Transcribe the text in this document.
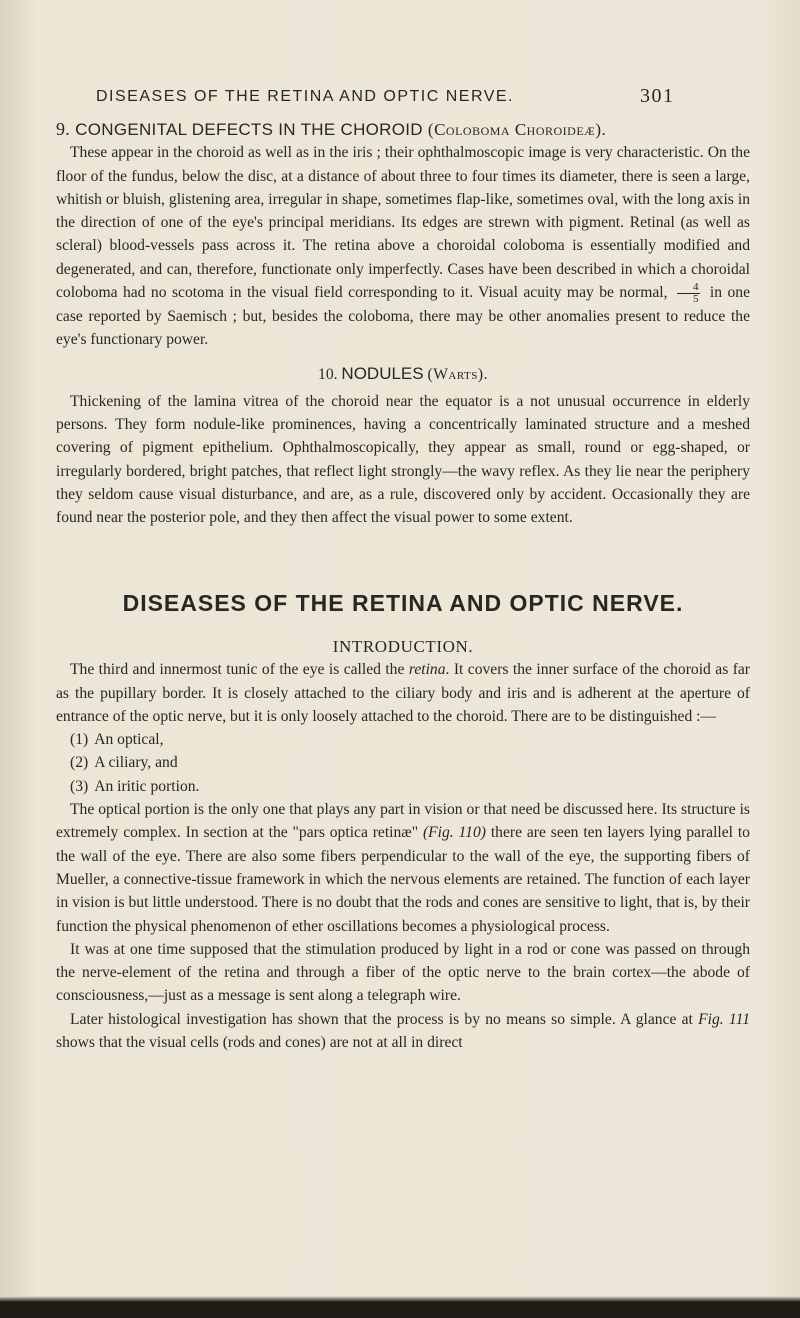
DISEASES OF THE RETINA AND OPTIC NERVE.	301
9. CONGENITAL DEFECTS IN THE CHOROID (Coloboma Choroideæ).

These appear in the choroid as well as in the iris ; their ophthalmoscopic image is very characteristic. On the floor of the fundus, below the disc, at a distance of about three to four times its diameter, there is seen a large, whitish or bluish, glistening area, irregular in shape, sometimes flap-like, sometimes oval, with the long axis in the direction of one of the eye's principal meridians. Its edges are strewn with pigment. Retinal (as well as scleral) blood-vessels pass across it. The retina above a choroidal coloboma is essentially modified and degenerated, and can, therefore, functionate only imperfectly. Cases have been described in which a choroidal coloboma had no scotoma in the visual field corresponding to it. Visual acuity may be normal, $\frac{4}{5}$ in one case reported by Saemisch ; but, besides the coloboma, there may be other anomalies present to reduce the eye's functionary power.

10. NODULES (Warts).

Thickening of the lamina vitrea of the choroid near the equator is a not unusual occurrence in elderly persons. They form nodule-like prominences, having a concentrically laminated structure and a meshed covering of pigment epithelium. Ophthalmoscopically, they appear as small, round or egg-shaped, or irregularly bordered, bright patches, that reflect light strongly—the wavy reflex. As they lie near the periphery they seldom cause visual disturbance, and are, as a rule, discovered only by accident. Occasionally they are found near the posterior pole, and they then affect the visual power to some extent.

DISEASES OF THE RETINA AND OPTIC NERVE.
INTRODUCTION.

The third and innermost tunic of the eye is called the retina. It covers the inner surface of the choroid as far as the pupillary border. It is closely attached to the ciliary body and iris and is adherent at the aperture of entrance of the optic nerve, but it is only loosely attached to the choroid. There are to be distinguished :—

(1) An optical,
(2) A ciliary, and
(3) An iritic portion.

The optical portion is the only one that plays any part in vision or that need be discussed here. Its structure is extremely complex. In section at the "pars optica retinæ" (Fig. 110) there are seen ten layers lying parallel to the wall of the eye. There are also some fibers perpendicular to the wall of the eye, the supporting fibers of Mueller, a connective-tissue framework in which the nervous elements are retained. The function of each layer in vision is but little understood. There is no doubt that the rods and cones are sensitive to light, that is, by their function the physical phenomenon of ether oscillations becomes a physiological process.

It was at one time supposed that the stimulation produced by light in a rod or cone was passed on through the nerve-element of the retina and through a fiber of the optic nerve to the brain cortex—the abode of consciousness,—just as a message is sent along a telegraph wire.

Later histological investigation has shown that the process is by no means so simple. A glance at Fig. 111 shows that the visual cells (rods and cones) are not at all in direct
